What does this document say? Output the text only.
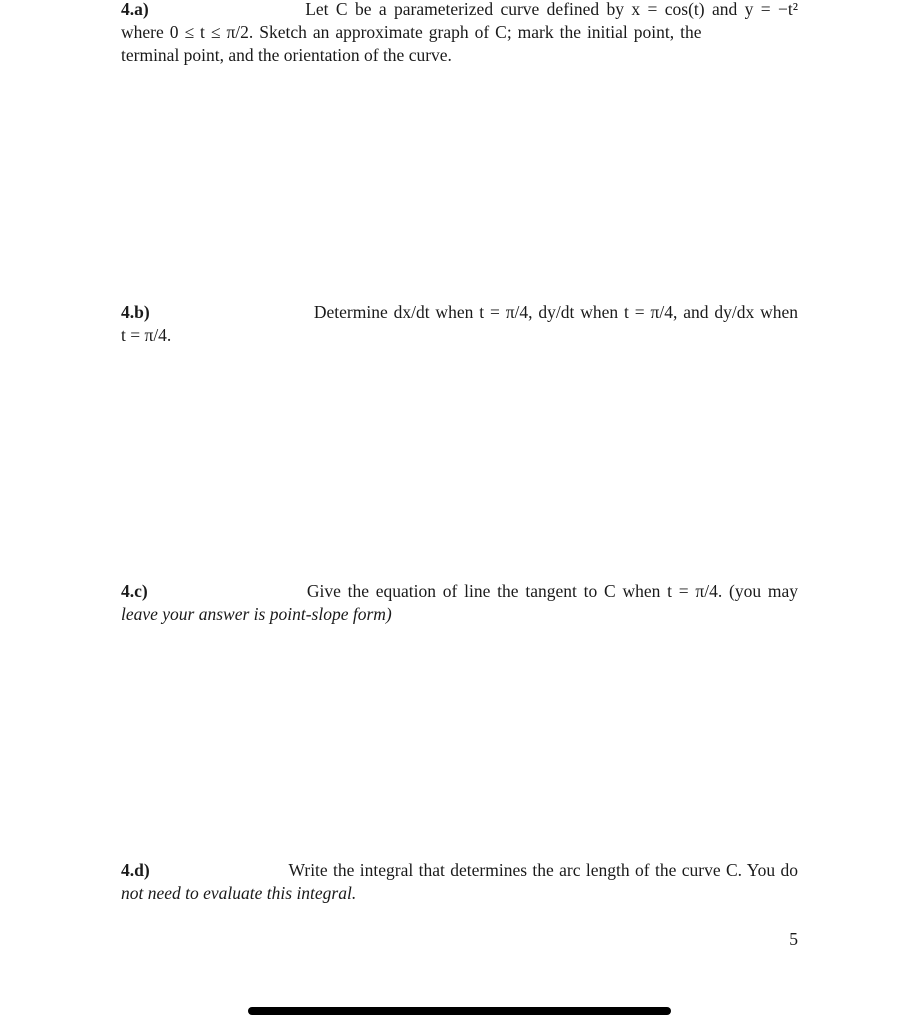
4.a)	Let C be a parameterized curve defined by x = cos(t) and y = −t²
where 0 ≤ t ≤ π/2. Sketch an approximate graph of C; mark the initial point, the
terminal point, and the orientation of the curve.
4.b)	Determine dx/dt when t = π/4, dy/dt when t = π/4, and dy/dx when
t = π/4.
4.c)	Give the equation of line the tangent to C when t = π/4. (you may
leave your answer is point-slope form)
4.d)	Write the integral that determines the arc length of the curve C. You do
not need to evaluate this integral.
5
